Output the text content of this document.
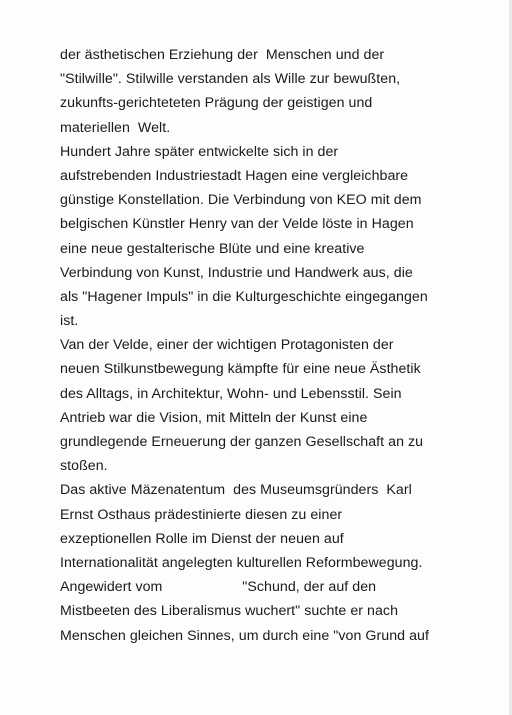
der ästhetischen Erziehung der  Menschen und der
"Stilwille". Stilwille verstanden als Wille zur bewußten,
zukunfts-gerichteteten Prägung der geistigen und
materiellen  Welt.
Hundert Jahre später entwickelte sich in der
aufstrebenden Industriestadt Hagen eine vergleichbare
günstige Konstellation. Die Verbindung von KEO mit dem
belgischen Künstler Henry van der Velde löste in Hagen
eine neue gestalterische Blüte und eine kreative
Verbindung von Kunst, Industrie und Handwerk aus, die
als "Hagener Impuls" in die Kulturgeschichte eingegangen
ist.
Van der Velde, einer der wichtigen Protagonisten der
neuen Stilkunstbewegung kämpfte für eine neue Ästhetik
des Alltags, in Architektur, Wohn- und Lebensstil. Sein
Antrieb war die Vision, mit Mitteln der Kunst eine
grundlegende Erneuerung der ganzen Gesellschaft an zu
stoßen.
Das aktive Mäzenatentum  des Museumsgründers  Karl
Ernst Osthaus prädestinierte diesen zu einer
exzeptionellen Rolle im Dienst der neuen auf
Internationalität angelegten kulturellen Reformbewegung.
Angewidert vom                    "Schund, der auf den
Mistbeeten des Liberalismus wuchert" suchte er nach
Menschen gleichen Sinnes, um durch eine "von Grund auf
